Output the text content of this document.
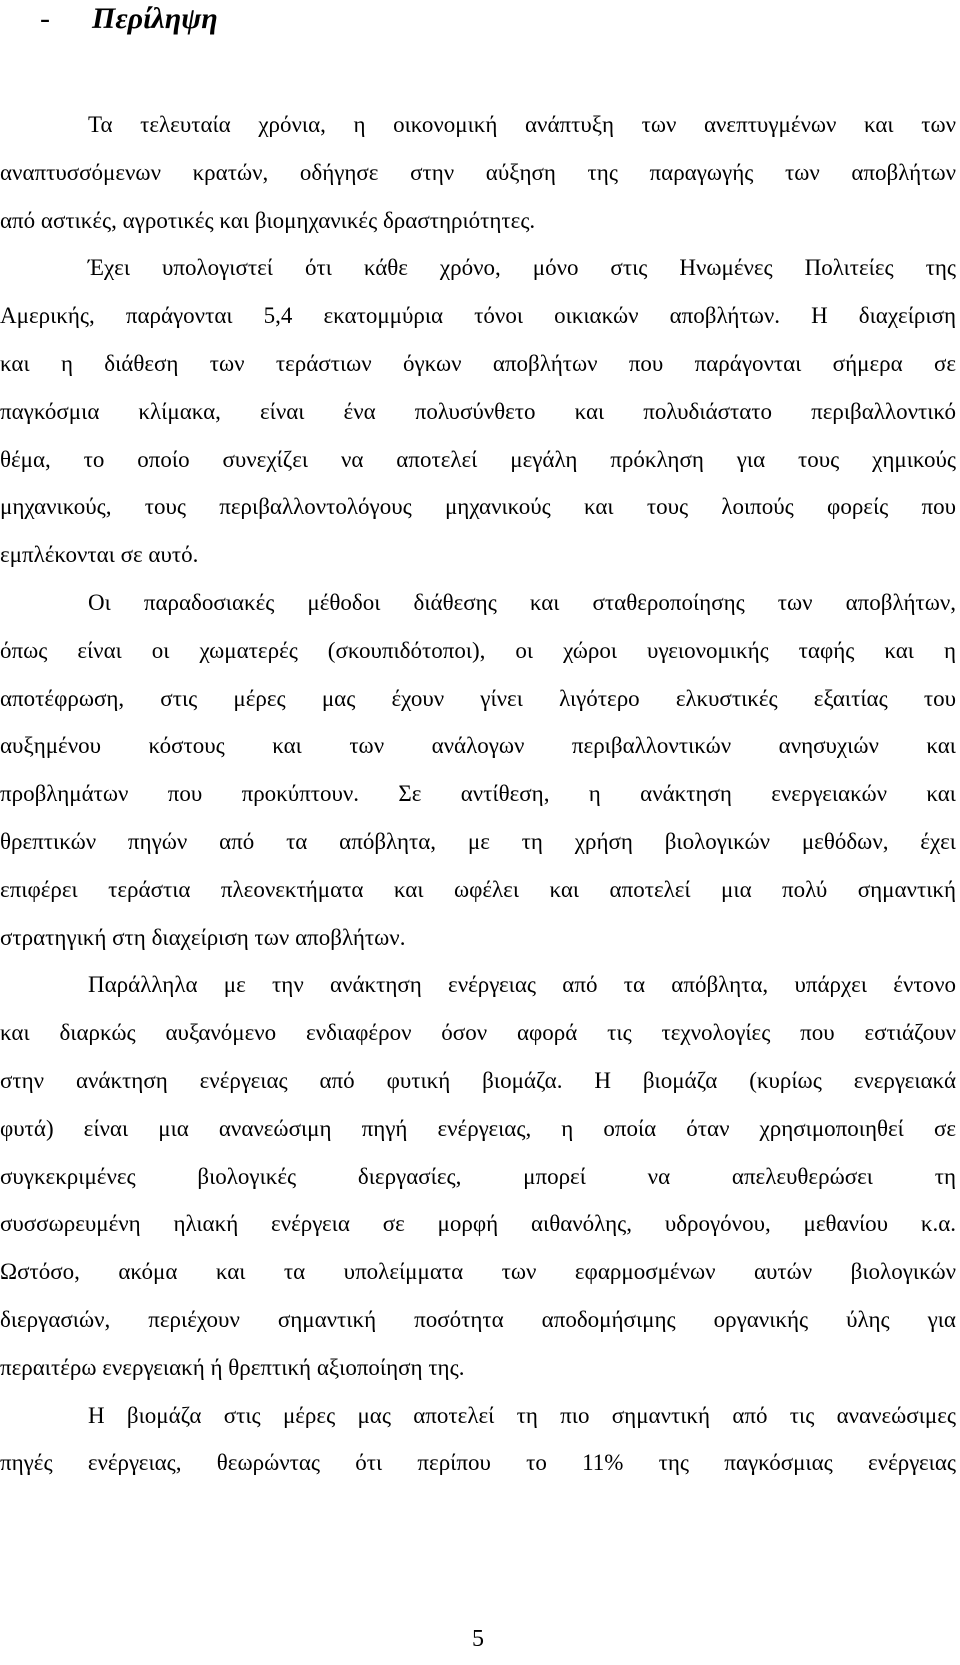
- Περίληψη
Τα τελευταία χρόνια, η οικονομική ανάπτυξη των ανεπτυγμένων και των
αναπτυσσόμενων κρατών, οδήγησε στην αύξηση της παραγωγής των αποβλήτων
από αστικές, αγροτικές και βιομηχανικές δραστηριότητες.
Έχει υπολογιστεί ότι κάθε χρόνο, μόνο στις Ηνωμένες Πολιτείες της
Αμερικής, παράγονται 5,4 εκατομμύρια τόνοι οικιακών αποβλήτων. Η διαχείριση
και η διάθεση των τεράστιων όγκων αποβλήτων που παράγονται σήμερα σε
παγκόσμια κλίμακα, είναι ένα πολυσύνθετο και πολυδιάστατο περιβαλλοντικό
θέμα, το οποίο συνεχίζει να αποτελεί μεγάλη πρόκληση για τους χημικούς
μηχανικούς, τους περιβαλλοντολόγους μηχανικούς και τους λοιπούς φορείς που
εμπλέκονται σε αυτό.
Οι παραδοσιακές μέθοδοι διάθεσης και σταθεροποίησης των αποβλήτων,
όπως είναι οι χωματερές (σκουπιδότοποι), οι χώροι υγειονομικής ταφής και η
αποτέφρωση, στις μέρες μας έχουν γίνει λιγότερο ελκυστικές εξαιτίας του
αυξημένου κόστους και των ανάλογων περιβαλλοντικών ανησυχιών και
προβλημάτων που προκύπτουν. Σε αντίθεση, η ανάκτηση ενεργειακών και
θρεπτικών πηγών από τα απόβλητα, με τη χρήση βιολογικών μεθόδων, έχει
επιφέρει τεράστια πλεονεκτήματα και ωφέλει και αποτελεί μια πολύ σημαντική
στρατηγική στη διαχείριση των αποβλήτων.
Παράλληλα με την ανάκτηση ενέργειας από τα απόβλητα, υπάρχει έντονο
και διαρκώς αυξανόμενο ενδιαφέρον όσον αφορά τις τεχνολογίες που εστιάζουν
στην ανάκτηση ενέργειας από φυτική βιομάζα. Η βιομάζα (κυρίως ενεργειακά
φυτά) είναι μια ανανεώσιμη πηγή ενέργειας, η οποία όταν χρησιμοποιηθεί σε
συγκεκριμένες βιολογικές διεργασίες, μπορεί να απελευθερώσει τη
συσσωρευμένη ηλιακή ενέργεια σε μορφή αιθανόλης, υδρογόνου, μεθανίου κ.α.
Ωστόσο, ακόμα και τα υπολείμματα των εφαρμοσμένων αυτών βιολογικών
διεργασιών, περιέχουν σημαντική ποσότητα αποδομήσιμης οργανικής ύλης για
περαιτέρω ενεργειακή ή θρεπτική αξιοποίηση της.
Η βιομάζα στις μέρες μας αποτελεί τη πιο σημαντική από τις ανανεώσιμες
πηγές ενέργειας, θεωρώντας ότι περίπου το 11% της παγκόσμιας ενέργειας
5
